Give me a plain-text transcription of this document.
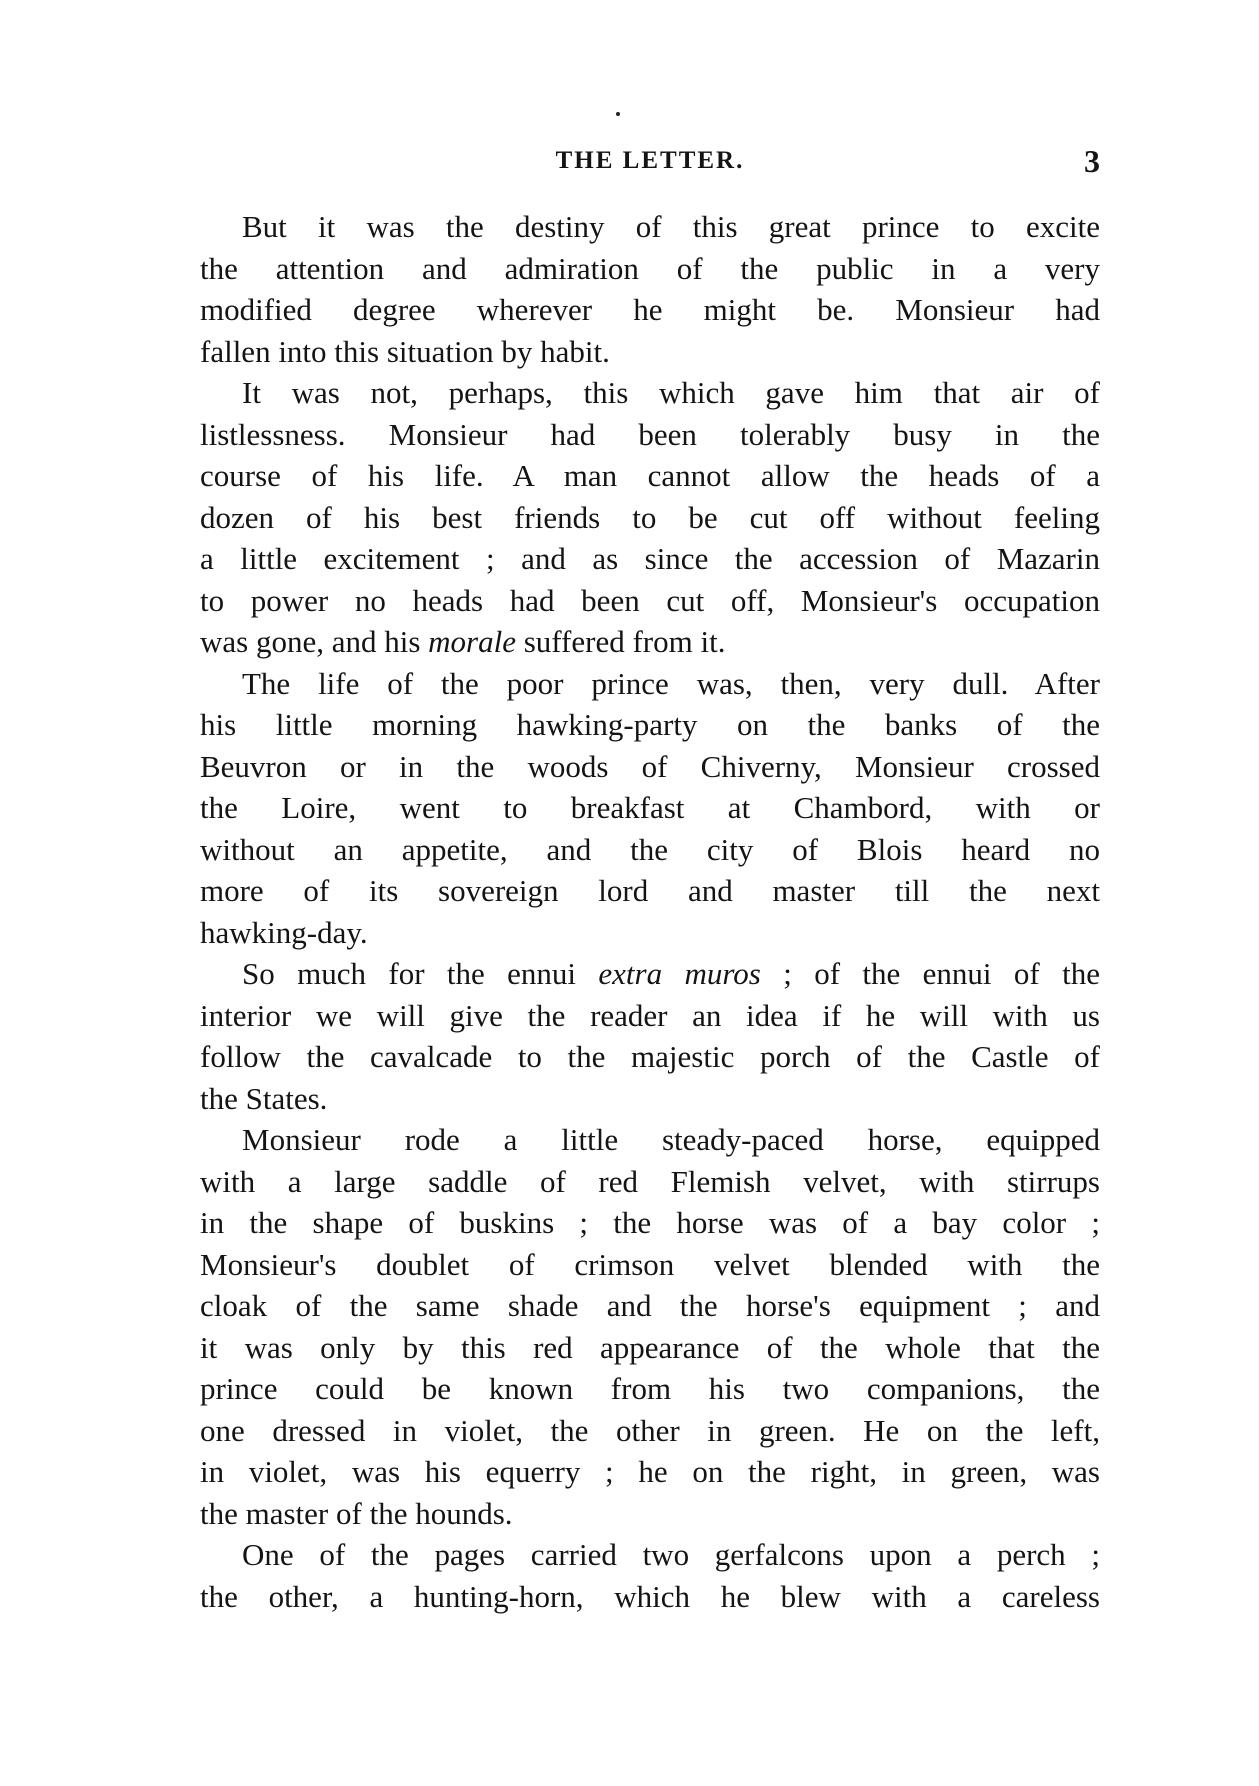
THE LETTER.	3
But it was the destiny of this great prince to excite
the attention and admiration of the public in a very
modified degree wherever he might be. Monsieur had
fallen into this situation by habit.
It was not, perhaps, this which gave him that air of
listlessness. Monsieur had been tolerably busy in the
course of his life. A man cannot allow the heads of a
dozen of his best friends to be cut off without feeling
a little excitement ; and as since the accession of Mazarin
to power no heads had been cut off, Monsieur's occupation
was gone, and his morale suffered from it.
The life of the poor prince was, then, very dull. After
his little morning hawking-party on the banks of the
Beuvron or in the woods of Chiverny, Monsieur crossed
the Loire, went to breakfast at Chambord, with or
without an appetite, and the city of Blois heard no
more of its sovereign lord and master till the next
hawking-day.
So much for the ennui extra muros ; of the ennui of the
interior we will give the reader an idea if he will with us
follow the cavalcade to the majestic porch of the Castle of
the States.
Monsieur rode a little steady-paced horse, equipped
with a large saddle of red Flemish velvet, with stirrups
in the shape of buskins ; the horse was of a bay color ;
Monsieur's doublet of crimson velvet blended with the
cloak of the same shade and the horse's equipment ; and
it was only by this red appearance of the whole that the
prince could be known from his two companions, the
one dressed in violet, the other in green. He on the left,
in violet, was his equerry ; he on the right, in green, was
the master of the hounds.
One of the pages carried two gerfalcons upon a perch ;
the other, a hunting-horn, which he blew with a careless
